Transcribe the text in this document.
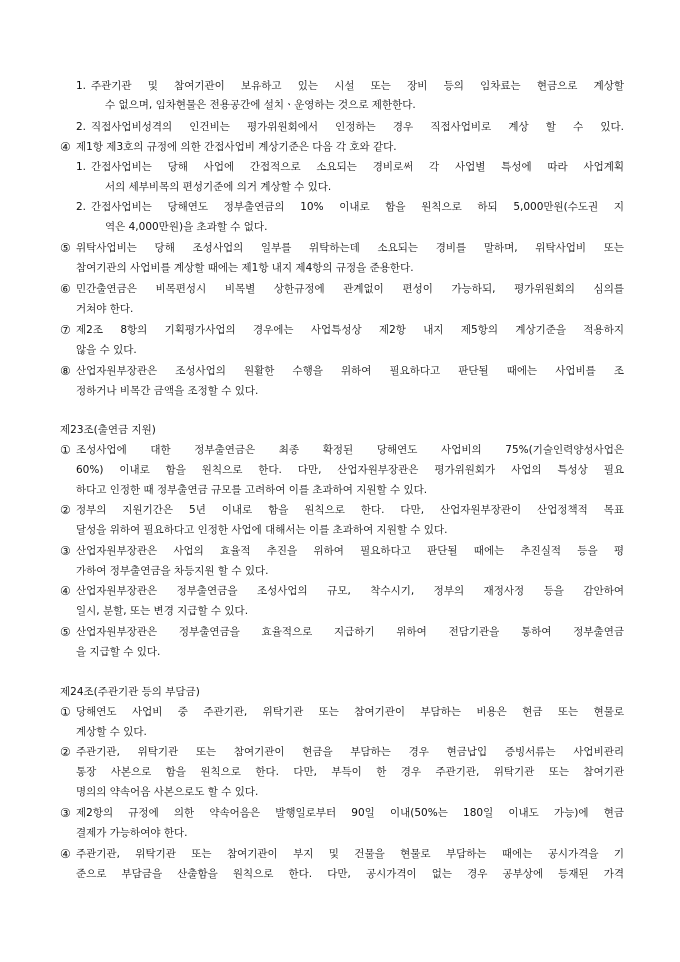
1. 주관기관 및 참여기관이 보유하고 있는 시설 또는 장비 등의 임차료는 현금으로 계상할
수 없으며, 임차현물은 전용공간에 설치ㆍ운영하는 것으로 제한한다.
2. 직접사업비성격의 인건비는 평가위원회에서 인정하는 경우 직접사업비로 계상 할 수 있다.
④ 제1항 제3호의 규정에 의한 간접사업비 계상기준은 다음 각 호와 같다.
1. 간접사업비는 당해 사업에 간접적으로 소요되는 경비로써 각 사업별 특성에 따라 사업계획
서의 세부비목의 편성기준에 의거 계상할 수 있다.
2. 간접사업비는 당해연도 정부출연금의 10% 이내로 함을 원칙으로 하되 5,000만원(수도권 지
역은 4,000만원)을 초과할 수 없다.
⑤ 위탁사업비는 당해 조성사업의 일부를 위탁하는데 소요되는 경비를 말하며, 위탁사업비 또는
참여기관의 사업비를 계상할 때에는 제1항 내지 제4항의 규정을 준용한다.
⑥ 민간출연금은 비목편성시 비목별 상한규정에 관계없이 편성이 가능하되, 평가위원회의 심의를
거쳐야 한다.
⑦ 제2조 8항의 기획평가사업의 경우에는 사업특성상 제2항 내지 제5항의 계상기준을 적용하지
않을 수 있다.
⑧ 산업자원부장관은 조성사업의 원활한 수행을 위하여 필요하다고 판단될 때에는 사업비를 조
정하거나 비목간 금액을 조정할 수 있다.
제23조(출연금 지원)
① 조성사업에 대한 정부출연금은 최종 확정된 당해연도 사업비의 75%(기술인력양성사업은
60%) 이내로 함을 원칙으로 한다. 다만, 산업자원부장관은 평가위원회가 사업의 특성상 필요
하다고 인정한 때 정부출연금 규모를 고려하여 이를 초과하여 지원할 수 있다.
② 정부의 지원기간은 5년 이내로 함을 원칙으로 한다. 다만, 산업자원부장관이 산업정책적 목표
달성을 위하여 필요하다고 인정한 사업에 대해서는 이를 초과하여 지원할 수 있다.
③ 산업자원부장관은 사업의 효율적 추진을 위하여 필요하다고 판단될 때에는 추진실적 등을 평
가하여 정부출연금을 차등지원 할 수 있다.
④ 산업자원부장관은 정부출연금을 조성사업의 규모, 착수시기, 정부의 재정사정 등을 감안하여
일시, 분할, 또는 변경 지급할 수 있다.
⑤ 산업자원부장관은 정부출연금을 효율적으로 지급하기 위하여 전담기관을 통하여 정부출연금
을 지급할 수 있다.
제24조(주관기관 등의 부담금)
① 당해연도 사업비 중 주관기관, 위탁기관 또는 참여기관이 부담하는 비용은 현금 또는 현물로
계상할 수 있다.
② 주관기관, 위탁기관 또는 참여기관이 현금을 부담하는 경우 현금납입 증빙서류는 사업비관리
통장 사본으로 함을 원칙으로 한다. 다만, 부득이 한 경우 주관기관, 위탁기관 또는 참여기관
명의의 약속어음 사본으로도 할 수 있다.
③ 제2항의 규정에 의한 약속어음은 발행일로부터 90일 이내(50%는 180일 이내도 가능)에 현금
결제가 가능하여야 한다.
④ 주관기관, 위탁기관 또는 참여기관이 부지 및 건물을 현물로 부담하는 때에는 공시가격을 기
준으로 부담금을 산출함을 원칙으로 한다. 다만, 공시가격이 없는 경우 공부상에 등재된 가격
